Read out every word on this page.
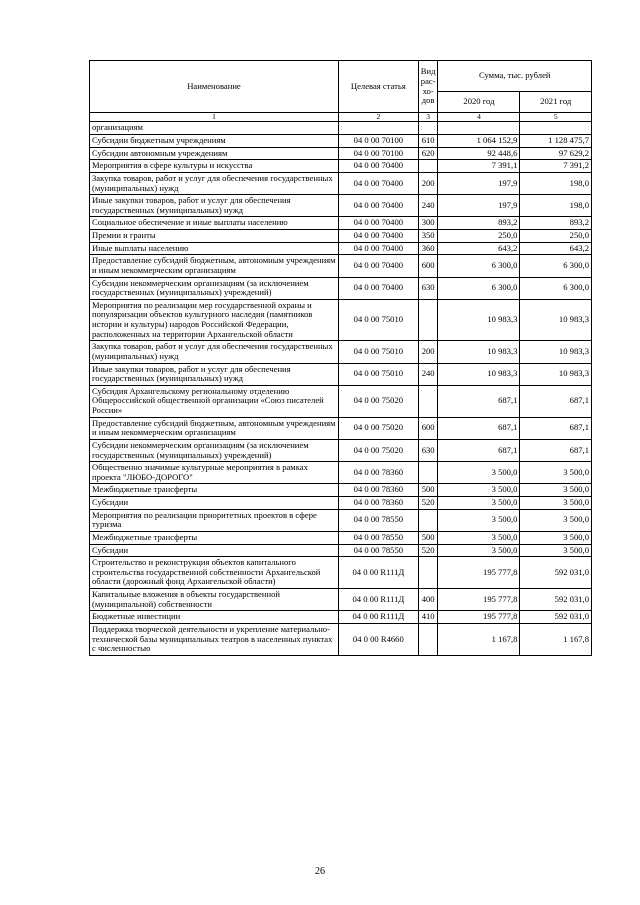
Наименование	Целевая статья	Вид рас-хо-дов	Сумма, тыс. рублей	
			2020 год	2021 год
1	2	3	4	5
организациям				
Субсидии бюджетным учреждениям	04 0 00 70100	610	1 064 152,9	1 128 475,7
Субсидии автономным учреждениям	04 0 00 70100	620	92 448,6	97 629,2
Мероприятия в сфере культуры и искусства	04 0 00 70400		7 391,1	7 391,2
Закупка товаров, работ и услуг для обеспечения государственных (муниципальных) нужд	04 0 00 70400	200	197,9	198,0
Иные закупки товаров, работ и услуг для обеспечения государственных (муниципальных) нужд	04 0 00 70400	240	197,9	198,0
Социальное обеспечение и иные выплаты населению	04 0 00 70400	300	893,2	893,2
Премии и гранты	04 0 00 70400	350	250,0	250,0
Иные выплаты населению	04 0 00 70400	360	643,2	643,2
Предоставление субсидий бюджетным, автономным учреждениям и иным некоммерческим организациям	04 0 00 70400	600	6 300,0	6 300,0
Субсидии некоммерческим организациям (за исключением государственных (муниципальных) учреждений)	04 0 00 70400	630	6 300,0	6 300,0
Мероприятия по реализации мер государственной охраны и популяризации объектов культурного наследия (памятников истории и культуры) народов Российской Федерации, расположенных на территории Архангельской области	04 0 00 75010		10 983,3	10 983,3
Закупка товаров, работ и услуг для обеспечения государственных (муниципальных) нужд	04 0 00 75010	200	10 983,3	10 983,3
Иные закупки товаров, работ и услуг для обеспечения государственных (муниципальных) нужд	04 0 00 75010	240	10 983,3	10 983,3
Субсидия Архангельскому региональному отделению Общероссийской общественной организации «Союз писателей России»	04 0 00 75020		687,1	687,1
Предоставление субсидий бюджетным, автономным учреждениям и иным некоммерческим организациям	04 0 00 75020	600	687,1	687,1
Субсидии некоммерческим организациям (за исключением государственных (муниципальных) учреждений)	04 0 00 75020	630	687,1	687,1
Общественно значимые культурные мероприятия в рамках проекта "ЛЮБО-ДОРОГО"	04 0 00 78360		3 500,0	3 500,0
Межбюджетные трансферты	04 0 00 78360	500	3 500,0	3 500,0
Субсидии	04 0 00 78360	520	3 500,0	3 500,0
Мероприятия по реализации приоритетных проектов в сфере туризма	04 0 00 78550		3 500,0	3 500,0
Межбюджетные трансферты	04 0 00 78550	500	3 500,0	3 500,0
Субсидии	04 0 00 78550	520	3 500,0	3 500,0
Строительство и реконструкция объектов капитального строительства государственной собственности Архангельской области (дорожный фонд Архангельской области)	04 0 00 R111Д		195 777,8	592 031,0
Капитальные вложения в объекты государственной (муниципальной) собственности	04 0 00 R111Д	400	195 777,8	592 031,0
Бюджетные инвестиции	04 0 00 R111Д	410	195 777,8	592 031,0
Поддержка творческой деятельности и укрепление материально-технической базы муниципальных театров в населенных пунктах с численностью	04 0 00 R4660		1 167,8	1 167,8
26
